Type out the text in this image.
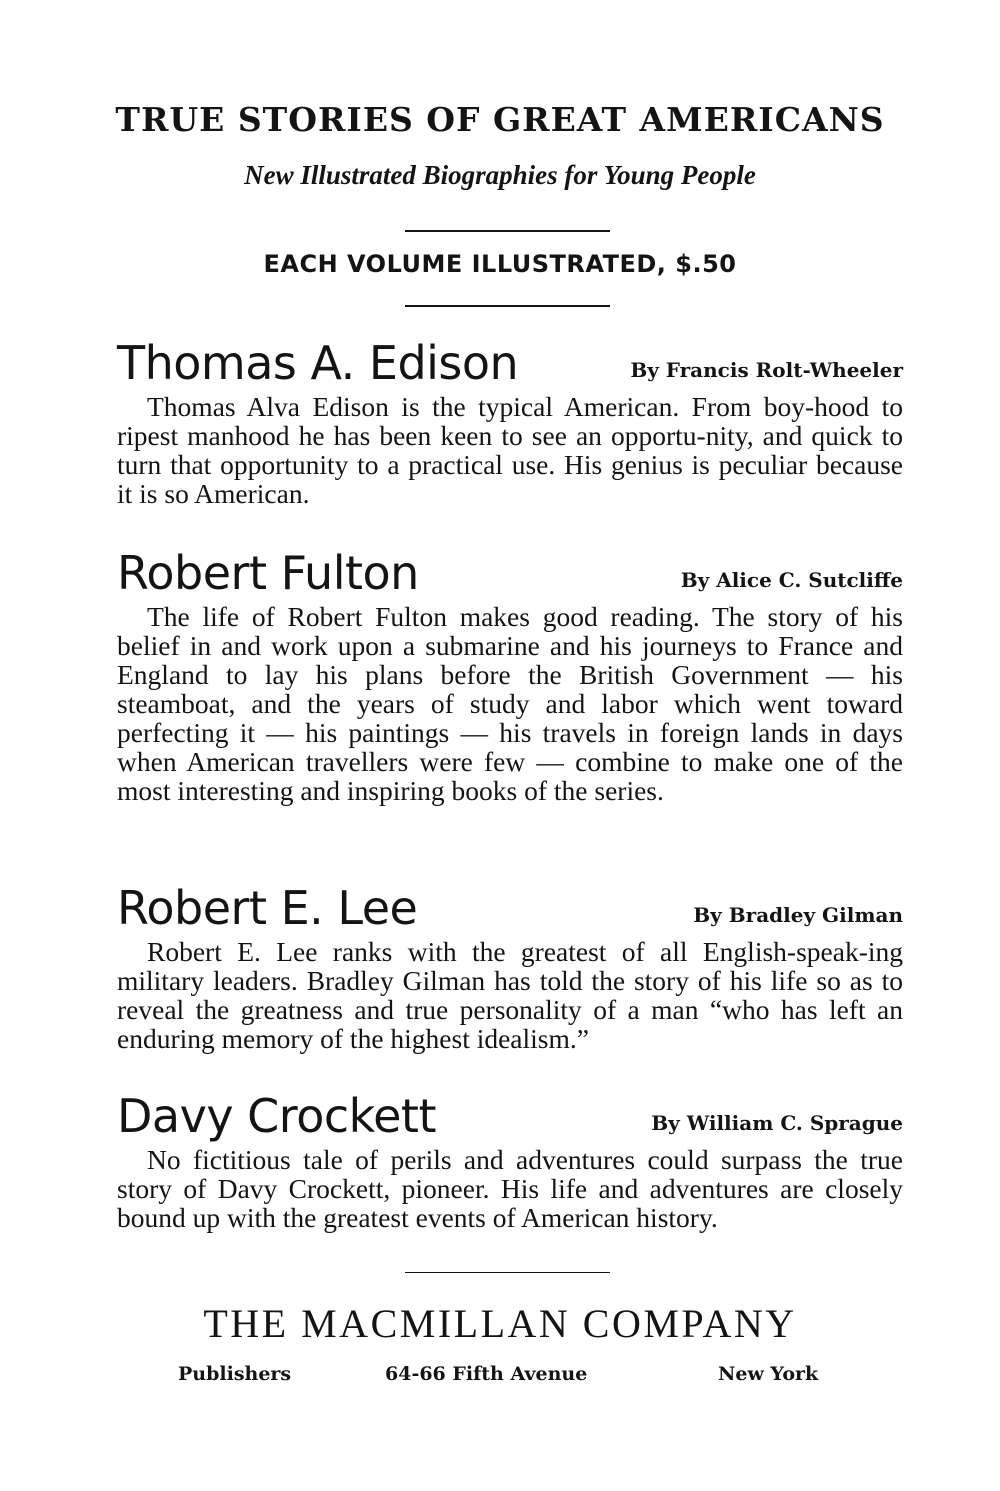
TRUE STORIES OF GREAT AMERICANS
New Illustrated Biographies for Young People
EACH VOLUME ILLUSTRATED, $.50
Thomas A. Edison	By Francis Rolt-Wheeler

Thomas Alva Edison is the typical American. From boy-hood to ripest manhood he has been keen to see an opportu-nity, and quick to turn that opportunity to a practical use. His genius is peculiar because it is so American.

Robert Fulton	By Alice C. Sutcliffe

The life of Robert Fulton makes good reading. The story of his belief in and work upon a submarine and his journeys to France and England to lay his plans before the British Government — his steamboat, and the years of study and labor which went toward perfecting it — his paintings — his travels in foreign lands in days when American travellers were few — combine to make one of the most interesting and inspiring books of the series.

Robert E. Lee	By Bradley Gilman

Robert E. Lee ranks with the greatest of all English-speak-ing military leaders. Bradley Gilman has told the story of his life so as to reveal the greatness and true personality of a man “who has left an enduring memory of the highest idealism.”

Davy Crockett	By William C. Sprague

No fictitious tale of perils and adventures could surpass the true story of Davy Crockett, pioneer. His life and adventures are closely bound up with the greatest events of American history.

THE MACMILLAN COMPANY
Publishers	64-66 Fifth Avenue	New York
